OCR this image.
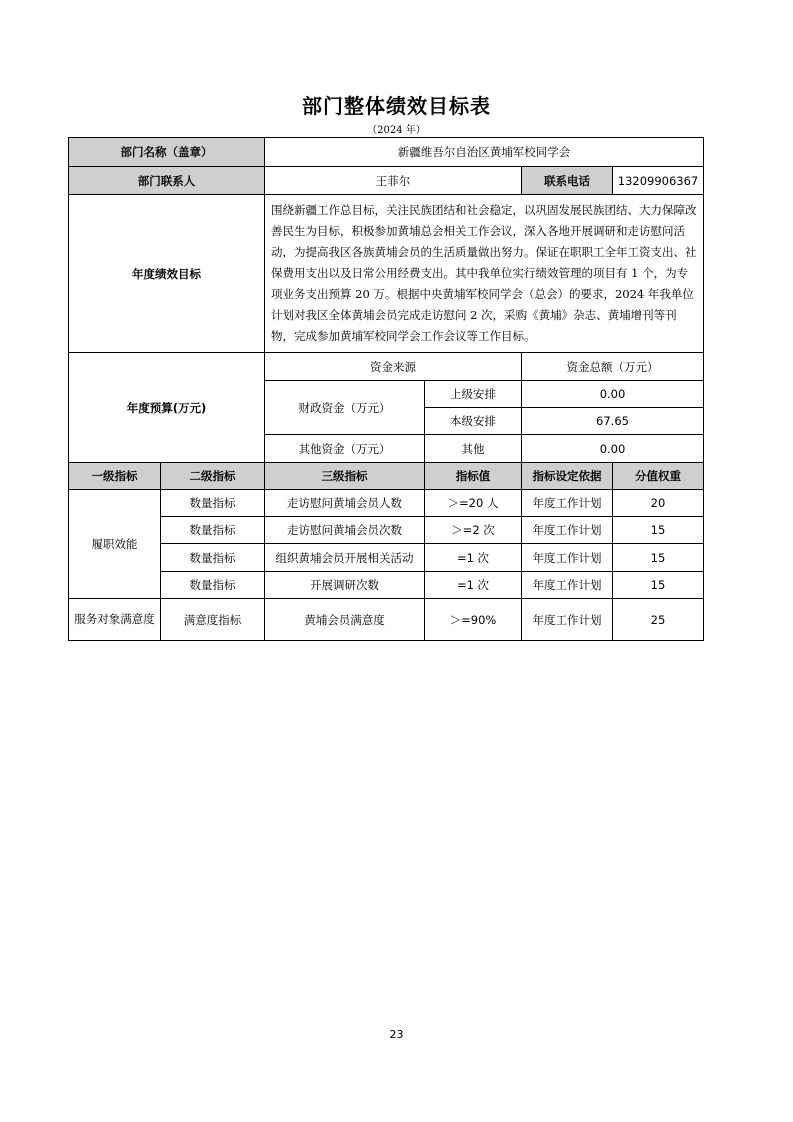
部门整体绩效目标表
（2024 年）
部门名称（盖章）		新疆维吾尔自治区黄埔军校同学会			
部门联系人		王菲尔		联系电话	13209906367
年度绩效目标		围绕新疆工作总目标，关注民族团结和社会稳定，以巩固发展民族团结、大力保障改善民生为目标，积极参加黄埔总会相关工作会议，深入各地开展调研和走访慰问活动，为提高我区各族黄埔会员的生活质量做出努力。保证在职职工全年工资支出、社保费用支出以及日常公用经费支出。其中我单位实行绩效管理的项目有 1 个，为专项业务支出预算 20 万。根据中央黄埔军校同学会（总会）的要求，2024 年我单位计划对我区全体黄埔会员完成走访慰问 2 次，采购《黄埔》杂志、黄埔增刊等刊物，完成参加黄埔军校同学会工作会议等工作目标。			
年度预算(万元)		资金来源		资金总额（万元）	
		财政资金（万元）	上级安排	0.00	
			本级安排	67.65	
		其他资金（万元）	其他	0.00	
一级指标	二级指标	三级指标	指标值	指标设定依据	分值权重
履职效能	数量指标	走访慰问黄埔会员人数	＞=20 人	年度工作计划	20
	数量指标	走访慰问黄埔会员次数	＞=2 次	年度工作计划	15
	数量指标	组织黄埔会员开展相关活动	=1 次	年度工作计划	15
	数量指标	开展调研次数	=1 次	年度工作计划	15
服务对象满意度	满意度指标	黄埔会员满意度	＞=90%	年度工作计划	25
23
